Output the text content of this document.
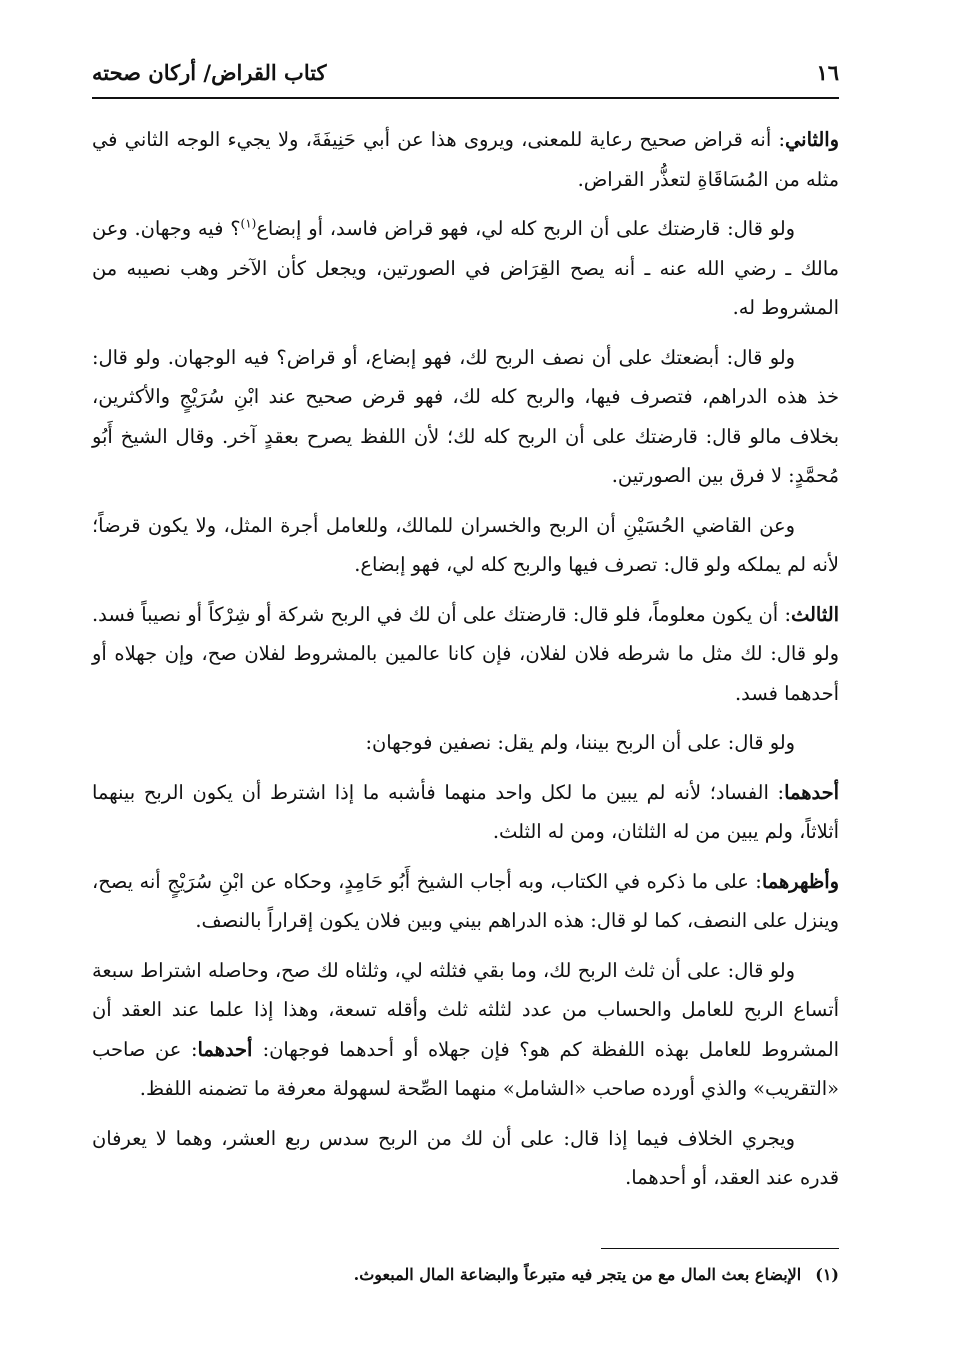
١٦
كتاب القراض/ أركان صحته

والثاني: أنه قراض صحيح رعاية للمعنى، ويروى هذا عن أبي حَنِيفَةَ، ولا يجيء الوجه الثاني في مثله من المُسَاقَاةِ لتعذُّر القراض.

ولو قال: قارضتك على أن الربح كله لي، فهو قراض فاسد، أو إبضاع$^{(١)}$؟ فيه وجهان. وعن مالك ـ رضي الله عنه ـ أنه يصح القِرَاض في الصورتين، ويجعل كأن الآخر وهب نصيبه من المشروط له.

ولو قال: أبضعتك على أن نصف الربح لك، فهو إبضاع، أو قراض؟ فيه الوجهان. ولو قال: خذ هذه الدراهم، فتصرف فيها، والربح كله لك، فهو قرض صحيح عند ابْنِ سُرَيْجٍ والأكثرين، بخلاف مالو قال: قارضتك على أن الربح كله لك؛ لأن اللفظ يصرح بعقدٍ آخر. وقال الشيخ أَبُو مُحمَّدٍ: لا فرق بين الصورتين.

وعن القاضي الحُسَيْنِ أن الربح والخسران للمالك، وللعامل أجرة المثل، ولا يكون قرضاً؛ لأنه لم يملكه ولو قال: تصرف فيها والربح كله لي، فهو إبضاع.

الثالث: أن يكون معلوماً، فلو قال: قارضتك على أن لك في الربح شركة أو شِرْكاً أو نصيباً فسد. ولو قال: لك مثل ما شرطه فلان لفلان، فإن كانا عالمين بالمشروط لفلان صح، وإن جهلاه أو أحدهما فسد.

ولو قال: على أن الربح بيننا، ولم يقل: نصفين فوجهان:

أحدهما: الفساد؛ لأنه لم يبين ما لكل واحد منهما فأشبه ما إذا اشترط أن يكون الربح بينهما أثلاثاً، ولم يبين من له الثلثان، ومن له الثلث.

وأظهرهما: على ما ذكره في الكتاب، وبه أجاب الشيخ أَبُو حَامِدٍ، وحكاه عن ابْنِ سُرَيْجٍ أنه يصح، وينزل على النصف، كما لو قال: هذه الدراهم بيني وبين فلان يكون إقراراً بالنصف.

ولو قال: على أن ثلث الربح لك، وما بقي فثلثه لي، وثلثاه لك صح، وحاصله اشتراط سبعة أتساع الربح للعامل والحساب من عدد لثلثه ثلث وأقله تسعة، وهذا إذا علما عند العقد أن المشروط للعامل بهذه اللفظة كم هو؟ فإن جهلاه أو أحدهما فوجهان: أحدهما: عن صاحب «التقريب» والذي أورده صاحب «الشامل» منهما الصِّحة لسهولة معرفة ما تضمنه اللفظ.

ويجري الخلاف فيما إذا قال: على أن لك من الربح سدس ربع العشر، وهما لا يعرفان قدره عند العقد، أو أحدهما.

(١)الإبضاع بعث المال مع من يتجر فيه متبرعاً والبضاعة المال المبعوث.
